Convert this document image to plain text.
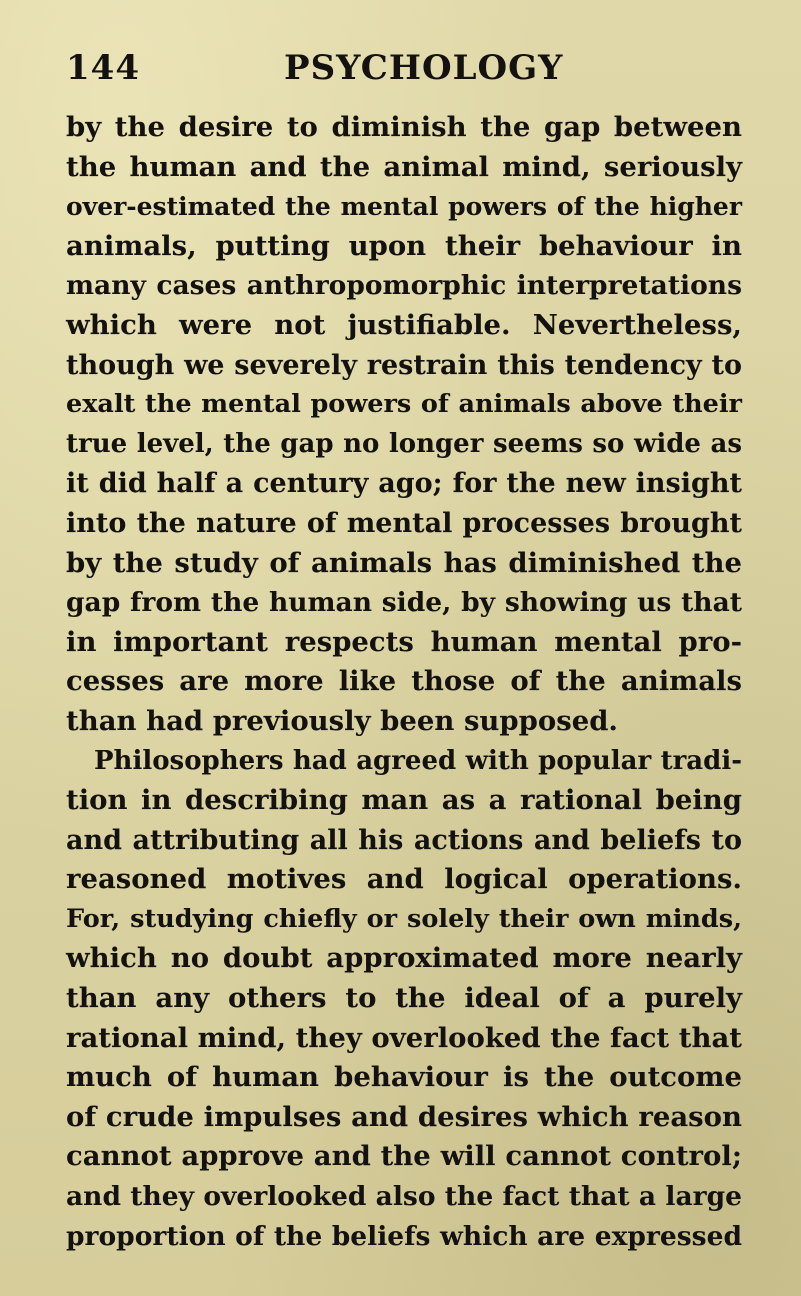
144	PSYCHOLOGY
by the desire to diminish the gap between
the human and the animal mind, seriously
over-estimated the mental powers of the higher
animals, putting upon their behaviour in
many cases anthropomorphic interpretations
which were not justifiable. Nevertheless,
though we severely restrain this tendency to
exalt the mental powers of animals above their
true level, the gap no longer seems so wide as
it did half a century ago; for the new insight
into the nature of mental processes brought
by the study of animals has diminished the
gap from the human side, by showing us that
in important respects human mental pro-
cesses are more like those of the animals
than had previously been supposed.
Philosophers had agreed with popular tradi-
tion in describing man as a rational being
and attributing all his actions and beliefs to
reasoned motives and logical operations.
For, studying chiefly or solely their own minds,
which no doubt approximated more nearly
than any others to the ideal of a purely
rational mind, they overlooked the fact that
much of human behaviour is the outcome
of crude impulses and desires which reason
cannot approve and the will cannot control;
and they overlooked also the fact that a large
proportion of the beliefs which are expressed
